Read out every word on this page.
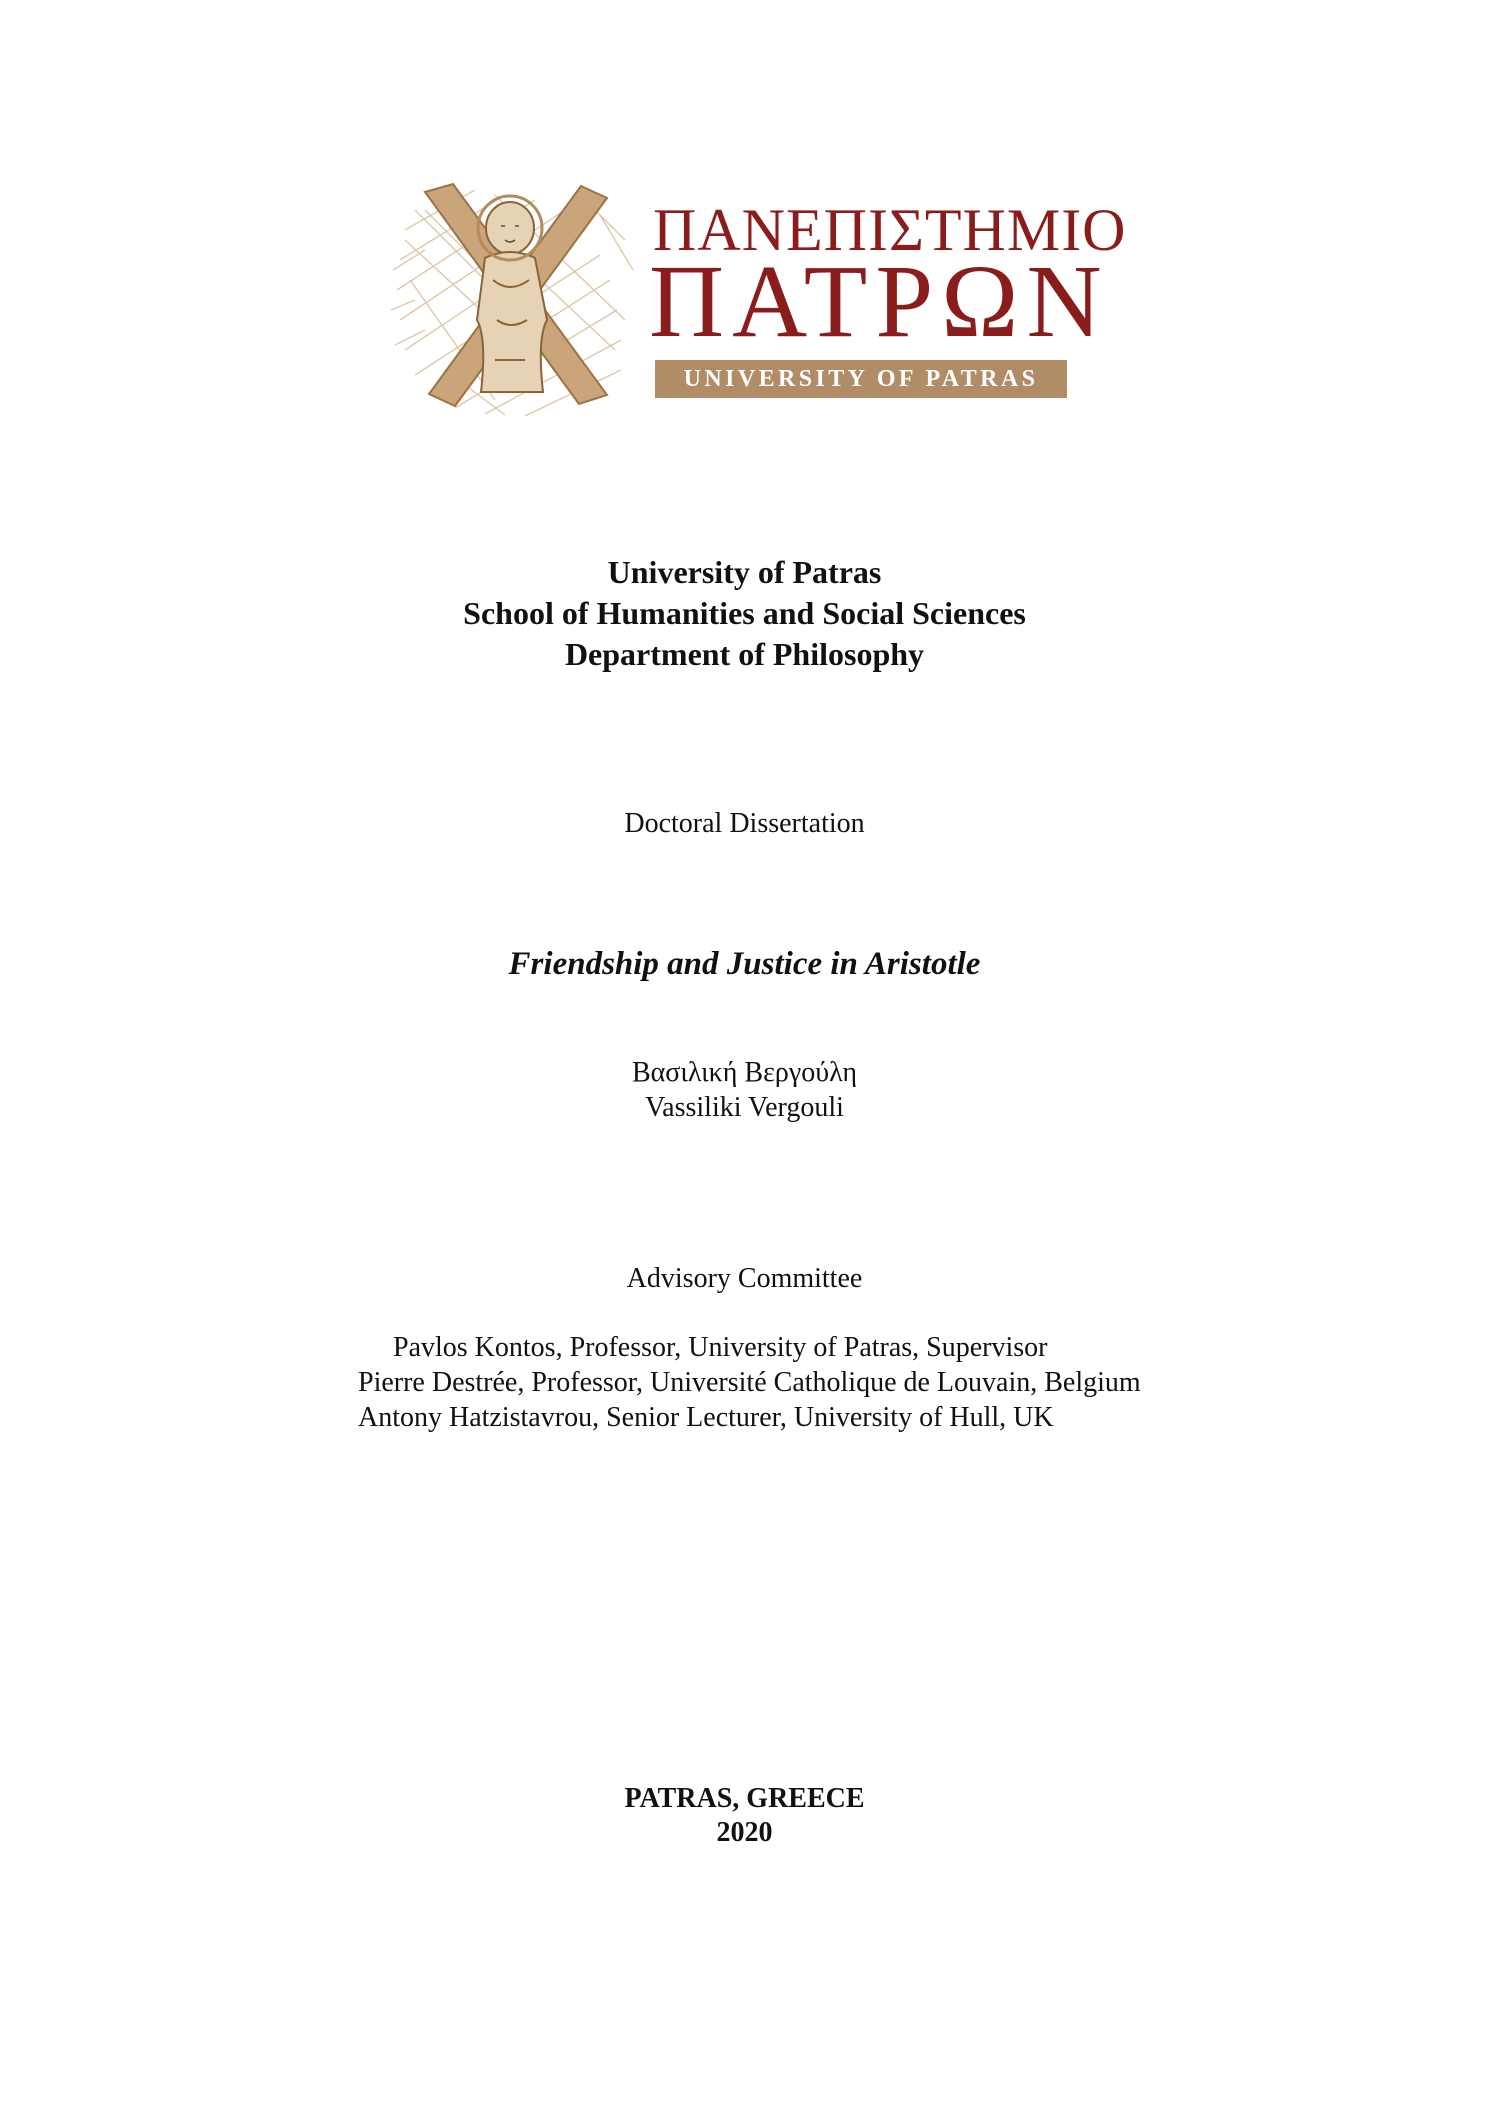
ΠΑΝΕΠΙΣΤΗΜΙΟ
ΠΑΤΡΩΝ
UNIVERSITY OF PATRAS
University of Patras
School of Humanities and Social Sciences
Department of Philosophy
Doctoral Dissertation
Friendship and Justice in Aristotle
Βασιλική Βεργούλη
Vassiliki Vergouli
Advisory Committee
Pavlos Kontos, Professor, University of Patras, Supervisor
Pierre Destrée, Professor, Université Catholique de Louvain, Belgium
Antony Hatzistavrou, Senior Lecturer, University of Hull, UK
PATRAS, GREECE
2020
